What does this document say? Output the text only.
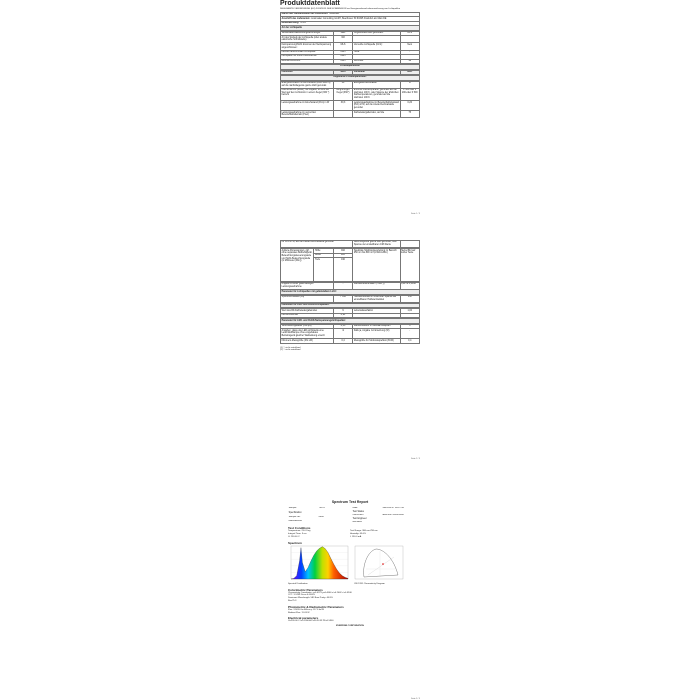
Produktdatenblatt
DELEGIERTE VERORDNUNG (EU) 2019/2015 DER KOMMISSION zur Energieverbrauchskennzeichnung von Lichtquellen
Name oder Handelsmarke des Lieferanten: TEKENEL
Anschrift des Lieferanten: mooimaker Consulting GmbH, Beethoven 50 60325 Frankfurt am Main DE
Modellkennung: T21-C
Art der Lichtquelle
Verwendete Beleuchtungstechnologie:	LED	Ungebündelt oder gebündelt:	DLS
Art des Sockels der Lichtquelle (oder andere elektrische Schnittstelle)	W2		
Netzspannung/Nicht direkt an der Netzspannung angeschlossen:	MLS	Vernetzte Lichtquelle (CLS):	Nein
Farblich abstimmbare Lichtquelle:	Nein	Hülle:	-
Lichtquelle mit hoher Leuchtdichte:	Nein		
Blendschutzschild:	Nein	Dimmbar:	Ja
Produktparameter
Parameter	Wert	Parameter	Wert
Allgemeine Produktparameter:
Energieverbrauch im Ein-Zustand (kWh/1000 h), auf die nächstliegende ganze Zahl gerundet	30	Energieeffizienzklasse	G
Nutzlichtstrom (Φuse), mit Angabe, ob sich der Wert auf den Lichtstrom in einem Kegel (360 °) bezieht	Ringförmiger Kegel (360°)	ähnliche Farbtemperatur, gerundet auf die nächsten 100 K, oder Spanne der ähnlichen Farbtemperaturen, gerundet auf die nächsten 100 K	2 500 oder 6 200-oder 6 500
Leistungsaufnahme im Ein-Zustand (Pon) in W	30,3	Leistungsaufnahme im Bereitschaftszustand (Psb) in W, auf die zweite Dezimalstelle gerundet	0,20
Leistungsaufnahme im vernetzten Bereitschaftsbetrieb (Pnet)		Farbwiedergabeindex, auf die	75
Seite 1 / 3
für CLS in W, auf die zweite Dezimalstelle gerundet	Gleichfolgende ganze Zahl gerundet, oder Spanne der einstellbaren CRI-Werte	
Äußere Abmessungen, ggf. ohne separates Betriebsgerät, Beleuchtungssteuerungsteile und Nicht-Beleuchtungsteile (in Millimeter (Mm))	Höhe	910	Spektrale Strahlungsverteilung im Bereich 250 nm bis 800 nm (mW/nm/klm)	Siehe Bild auf letzter Seite
	Breite	220		
	Tiefe	190		
Angabe zu einer gleichwertigen Leistungsaufnahme	-	Farbwertkoordinaten (x und y)	0,4279 0,4046
Parameter für Lichtquellen mit gebündeltem Licht:
Spitzenlichtstärke (cd)	7 050	Halbwertswinkel in Grad oder Spanne der einstellbaren Halbwertswinkel	150
Parameter für LED- und OLED-Lichtquellen:
Wert des R9-Farbwiedergabeindex	9	Lebensdauerfaktor	1,00
Lichtstromerhalt	0,91		
Parameter für LED- und OLED-Netzspannungslichtquellen:
Verschiebungsfaktor (cos φ1)	0,53	Farbkonsistenz in McAdam-Ellipsen	3
Angaben, dass eine LED-Lichtquelle eine Leuchtstofflampe ohne eingebautes Betriebsgerät gleicher Wattleistung ersetzt	nl	Falls ja, Angabe zur Ersetzung (W)	-
Flimmern-Messgröße (Pst LM)	0,4	Messgröße für Stroboskopeffekt (SVM)	0,4
(1) '-' nicht zutreffend
(2) '-' nicht zutreffend
Seite 2 / 3
Spectrum Test Report
Sample	T21-C
Specification	
Sample No.	0086
Manufacturer	
Date	2024-08-17 09:07:36
Test Status	
Instrument	Everfine HAAS-2000
Test Engineer	
Remarks	
Test Conditions
Temperature: 25.0 Deg	Test Range: 380 nm-780 nm
Integral Time: 3 ms	Humidity: 65.0%
U: 230.00 V	I: 130.0 mA
Spectrum
Spectral Distribution	CIE 1931 Chromaticity Diagram
Colorimetric Parameters
Chromaticity Coordinate: x=0.4279 y=0.4046 u'=0.2462 v'=0.5240
CCT: 3 249K Duv=-0.00025
Dominant Wavelength: 582.8nm Purity: 46.8%
Ra=75.3
Photometric & Radiometric Parameters
Flux: 3 563.0 lm Efficacy: 117.6 lm/W
Radiant Flux: 11.03 W
Electrical parameters
U=230.00 V I=0.1300 A P=30.30 W PF=0.5300
EVERFINE CORPORATION
Seite 3 / 3
